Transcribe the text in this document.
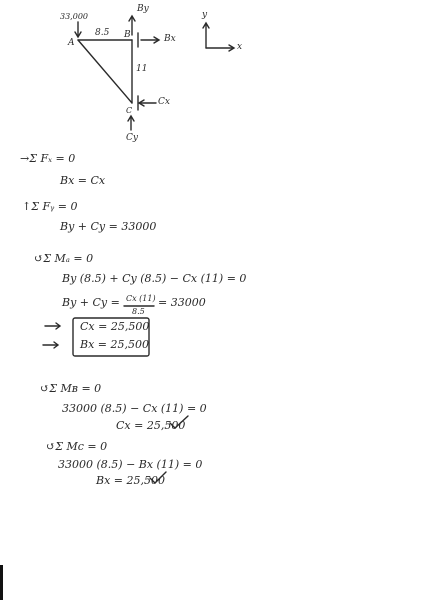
33,000
A
B
C
8.5
11
By
Bx
Cx
Cy
y
x
→Σ Fₓ = 0
Bx = Cx
↑Σ Fᵧ = 0
By + Cy = 33000
↺Σ Mₐ = 0
By (8.5) + Cy (8.5) − Cx (11) = 0
By + Cy = Cx (11)
8.5
= 33000
Cx = 25,500
Bx = 25,500
↺Σ Mʙ = 0
33000 (8.5) − Cx (11) = 0
Cx = 25,500
↺Σ Mc = 0
33000 (8.5) − Bx (11) = 0
Bx = 25,500
